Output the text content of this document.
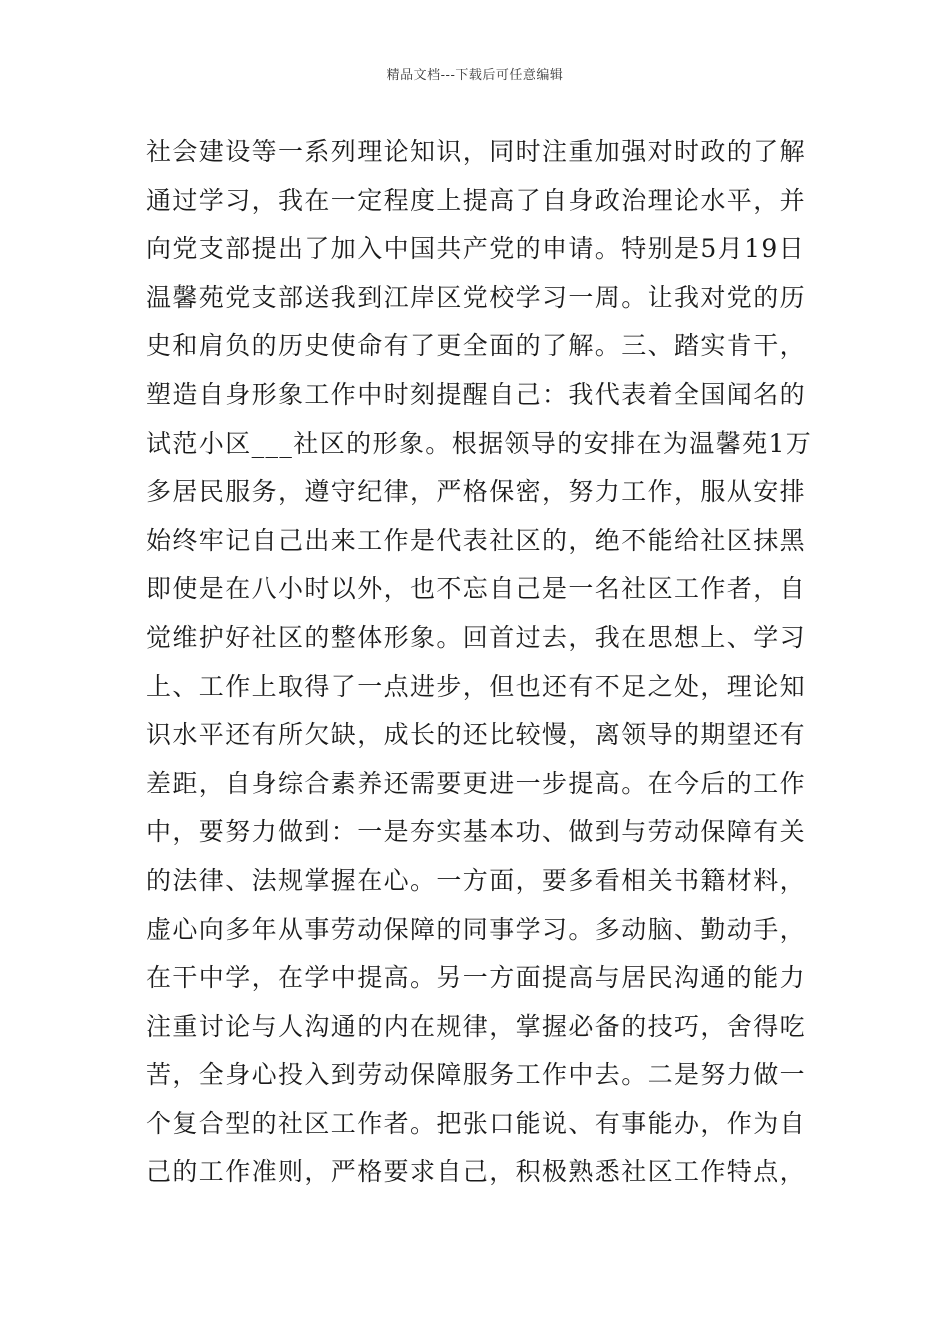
精品文档---下载后可任意编辑
社会建设等一系列理论知识，同时注重加强对时政的了解
通过学习，我在一定程度上提高了自身政治理论水平，并
向党支部提出了加入中国共产党的申请。特别是5月19日
温馨苑党支部送我到江岸区党校学习一周。让我对党的历
史和肩负的历史使命有了更全面的了解。三、踏实肯干，
塑造自身形象工作中时刻提醒自己：我代表着全国闻名的
试范小区___社区的形象。根据领导的安排在为温馨苑1万
多居民服务，遵守纪律，严格保密，努力工作，服从安排
始终牢记自己出来工作是代表社区的，绝不能给社区抹黑
即使是在八小时以外，也不忘自己是一名社区工作者，自
觉维护好社区的整体形象。回首过去，我在思想上、学习
上、工作上取得了一点进步，但也还有不足之处，理论知
识水平还有所欠缺，成长的还比较慢，离领导的期望还有
差距，自身综合素养还需要更进一步提高。在今后的工作
中，要努力做到：一是夯实基本功、做到与劳动保障有关
的法律、法规掌握在心。一方面，要多看相关书籍材料，
虚心向多年从事劳动保障的同事学习。多动脑、勤动手，
在干中学，在学中提高。另一方面提高与居民沟通的能力
注重讨论与人沟通的内在规律，掌握必备的技巧，舍得吃
苦，全身心投入到劳动保障服务工作中去。二是努力做一
个复合型的社区工作者。把张口能说、有事能办，作为自
己的工作准则，严格要求自己，积极熟悉社区工作特点，
